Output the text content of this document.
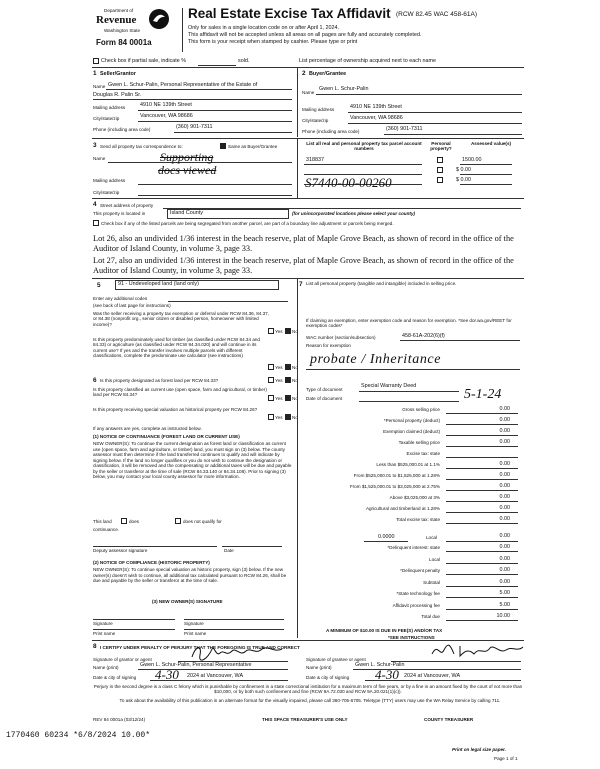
Department of
Revenue
Washington State
Form 84 0001a
Real Estate Excise Tax Affidavit (RCW 82.45 WAC 458-61A)
Only for sales in a single location code on or after April 1, 2024.
This affidavit will not be accepted unless all areas on all pages are fully and accurately completed.
This form is your receipt when stamped by cashier. Please type or print
Check box if partial sale, indicate %	sold.	List percentage of ownership acquired next to each name
1 Seller/Grantor
Name Gwen L. Schur-Palin, Personal Representative of the Estate of
Douglas R. Palin Sr.
Mailing address	4910 NE 139th Street
City/state/zip	Vancouver, WA 98686
Phone (including area code)	(360) 901-7311
2 Buyer/Grantee
Name
Gwen L. Schur-Palin
Mailing address	4910 NE 139th Street
City/state/zip	Vancouver, WA 98686
Phone (including area code)	(360) 901-7311
3 Send all property tax correspondence to:	Same as Buyer/Grantee
Name	Supporting
Mailing address
docs viewed
City/state/zip
List all real and personal property tax parcel account numbers
Personal property?
Assessed value(s)
318837	1500.00
$ 0.00
$ 0.00
S7440-00-00260
4 Street address of property
This property is located in	Island County	(for unincorporated locations please select your county)
Check box if any of the listed parcels are being segregated from another parcel, are part of a boundary line adjustment or parcels being merged.
Lot 26, also an undivided 1/36 interest in the beach reserve, plat of Maple Grove Beach, as shown of record in the office of the Auditor of Island County, in volume 3, page 33.
Lot 27, also an undivided 1/36 interest in the beach reserve, plat of Maple Grove Beach, as shown of record in the office of the Auditor of Island County, in volume 3, page 33.
5	91 - Undeveloped land (land only)	7 List all personal property (tangible and intangible) included in selling price.
Enter any additional codes
(see back of last page for instructions)
Was the seller receiving a property tax exemption or deferral under RCW 84.36, 84.37, or 84.38 (nonprofit org., senior citizen or disabled person, homeowner with limited income)?
Yes No
Is this property predominately used for timber (as classified under RCW 84.34 and 84.33) or agriculture (as classified under RCW 84.34.020) and will continue in its current use? If yes and the transfer involves multiple parcels with different classifications, complete the predominate use calculator (see instructions)
Yes No
6 Is this property designated as forest land per RCW 84.33?	Yes No
Is this property classified as current use (open space, farm and agricultural, or timber) land per RCW 84.34?
Yes No
Is this property receiving special valuation as historical property per RCW 84.26?
Yes No
If any answers are yes, complete as instructed below.
(1) NOTICE OF CONTINUANCE (FOREST LAND OR CURRENT USE)
NEW OWNER(S): To continue the current designation as forest land or classification as current use (open space, farm and agriculture, or timber) land, you must sign on (3) below. The county assessor must then determine if the land transferred continues to qualify and will indicate by signing below. If the land no longer qualifies or you do not wish to continue the designation or classification, it will be removed and the compensating or additional taxes will be due and payable by the seller or transferor at the time of sale (RCW 84.33.140 or 84.34.108). Prior to signing (3) below, you may contact your local county assessor for more information.
This land	does	does not qualify for
continuance.
Deputy assessor signature	Date
(2) NOTICE OF COMPLIANCE (HISTORIC PROPERTY)
NEW OWNER(S): To continue special valuation as historic property, sign (3) below. If the new owner(s) doesn't wish to continue, all additional tax calculated pursuant to RCW 84.26, shall be due and payable by the seller or transferor at the time of sale.
(3) NEW OWNER(S) SIGNATURE
Signature	Signature
Print name	Print name
If claiming an exemption, enter exemption code and reason for exemption. *See dor.wa.gov/REET for exemption codes*
WAC number (section/subsection)	458-61A-202(6)(f)
Reason for exemption
probate / Inheritance
Type of document
Special Warranty Deed
Date of document	5-1-24
Gross selling price	0.00
*Personal property (deduct)	0.00
Exemption claimed (deduct)	0.00
Taxable selling price	0.00
Excise tax: state
Less than $525,000.01 at 1.1%	0.00
From $525,000.01 to $1,525,000 at 1.28%	0.00
From $1,525,000.01 to $3,025,000 at 2.75%	0.00
Above $3,025,000 at 3%	0.00
Agricultural and timberland at 1.28%	0.00
Total excise tax: state	0.00
0.0000	Local	0.00
*Delinquent interest: state	0.00
Local	0.00
*Delinquent penalty	0.00
Subtotal	0.00
*State technology fee	5.00
Affidavit processing fee	5.00
Total due	10.00
A MINIMUM OF $10.00 IS DUE IN FEE(S) AND/OR TAX
*SEE INSTRUCTIONS
8 I CERTIFY UNDER PENALTY OF PERJURY THAT THE FOREGOING IS TRUE AND CORRECT
Signature of grantor or agent
Name (print)	Gwen L. Schur-Palin, Personal Representative
Date & city of signing 4-30 2024 at Vancouver, WA
Signature of grantee or agent
Name (print)	Gwen L. Schur-Palin
Date & city of signing 4-30 2024 at Vancouver, WA
Perjury in the second degree is a class C felony which is punishable by confinement in a state correctional institution for a maximum term of five years, or by a fine in an amount fixed by the court of not more than $10,000, or by both such confinement and fine (RCW 9A.72.030 and RCW 9A.20.021(1)(c)).
To ask about the availability of this publication in an alternate format for the visually impaired, please call 360-705-6705. Teletype (TTY) users may use the WA Relay Service by calling 711.
REV 84 0001a (03/12/24)	THIS SPACE TREASURER'S USE ONLY	COUNTY TREASURER
1770460 60234 *6/8/2024 10.00*
Print on legal size paper.
Page 1 of 1
